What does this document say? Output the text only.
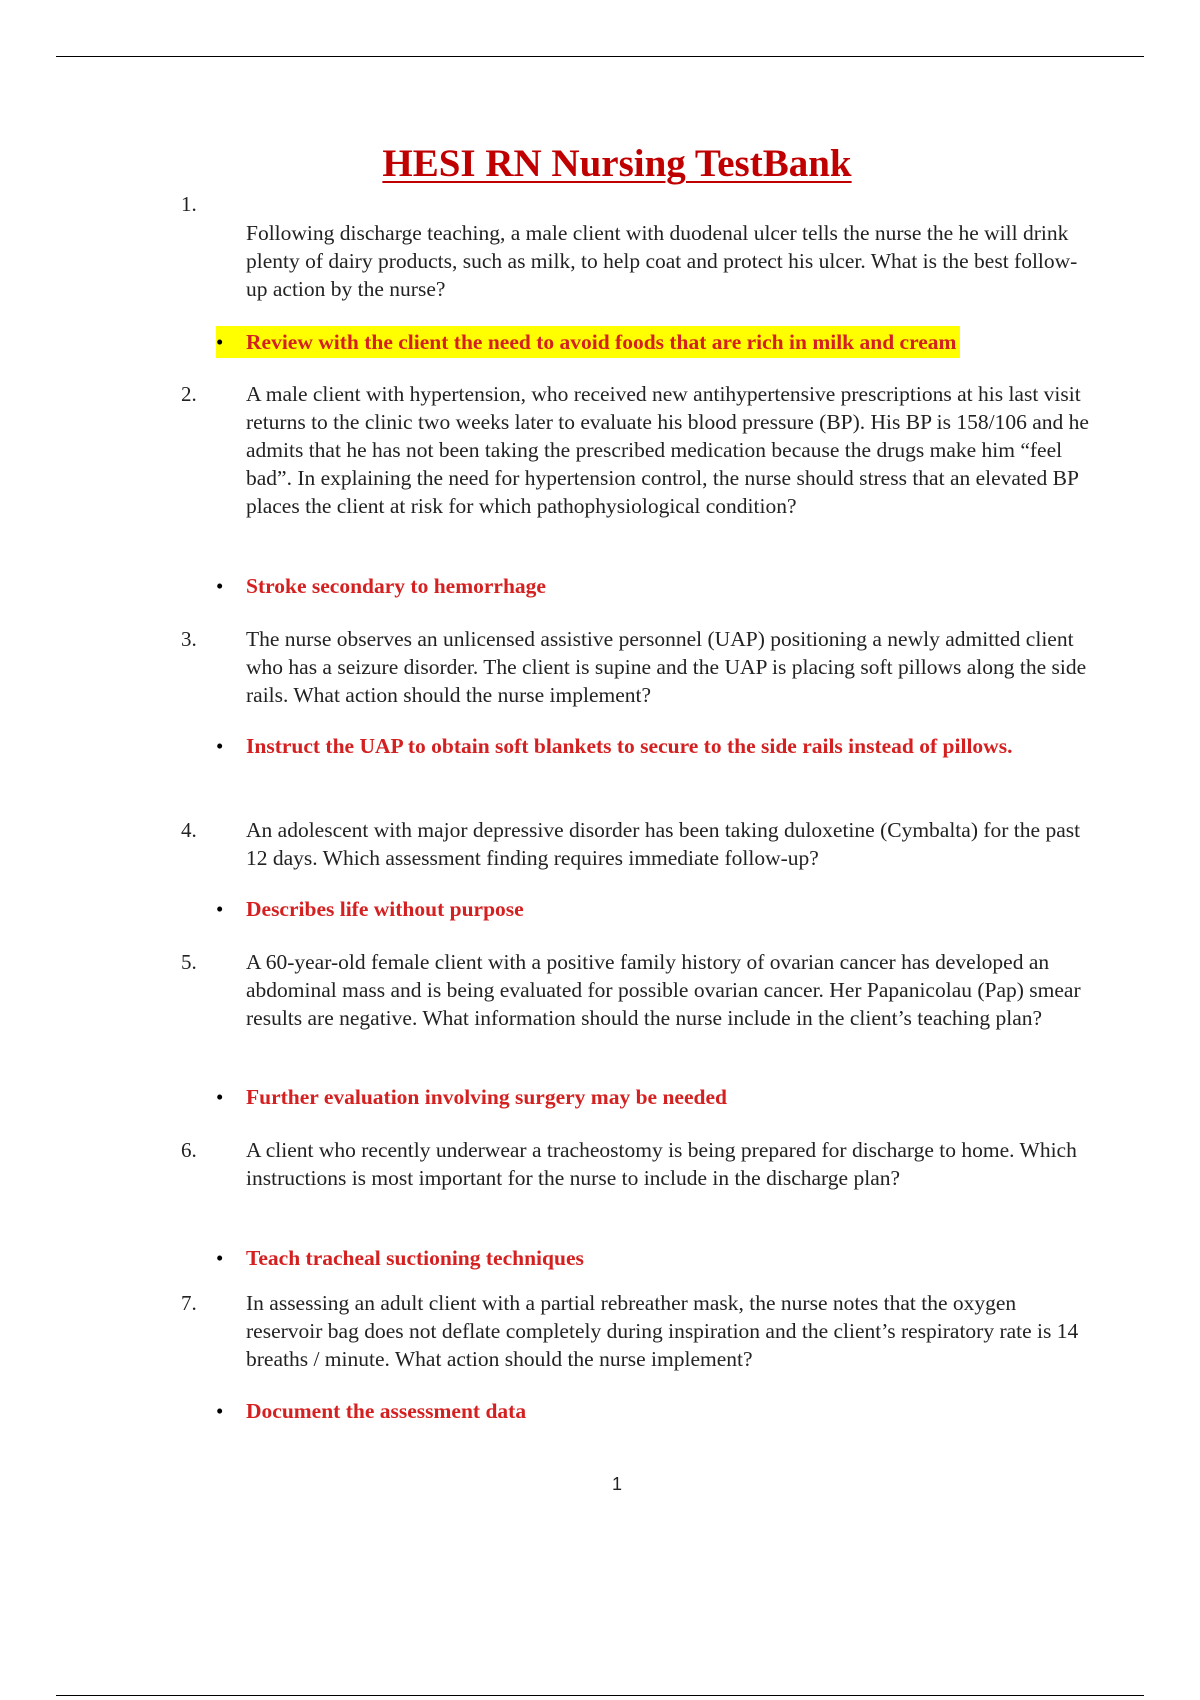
HESI RN Nursing TestBank
1.
Following discharge teaching, a male client with duodenal ulcer tells the nurse the he will drink plenty of dairy products, such as milk, to help coat and protect his ulcer. What is the best follow-up action by the nurse?
•	Review with the client the need to avoid foods that are rich in milk and cream
2. A male client with hypertension, who received new antihypertensive prescriptions at his last visit returns to the clinic two weeks later to evaluate his blood pressure (BP). His BP is 158/106 and he admits that he has not been taking the prescribed medication because the drugs make him “feel bad”. In explaining the need for hypertension control, the nurse should stress that an elevated BP places the client at risk for which pathophysiological condition?
•	Stroke secondary to hemorrhage
3. The nurse observes an unlicensed assistive personnel (UAP) positioning a newly admitted client who has a seizure disorder. The client is supine and the UAP is placing soft pillows along the side rails. What action should the nurse implement?
•	Instruct the UAP to obtain soft blankets to secure to the side rails instead of pillows.
4. An adolescent with major depressive disorder has been taking duloxetine (Cymbalta) for the past 12 days. Which assessment finding requires immediate follow-up?
•	Describes life without purpose
5. A 60-year-old female client with a positive family history of ovarian cancer has developed an abdominal mass and is being evaluated for possible ovarian cancer. Her Papanicolau (Pap) smear results are negative. What information should the nurse include in the client’s teaching plan?
•	Further evaluation involving surgery may be needed
6. A client who recently underwear a tracheostomy is being prepared for discharge to home. Which instructions is most important for the nurse to include in the discharge plan?
•	Teach tracheal suctioning techniques
7. In assessing an adult client with a partial rebreather mask, the nurse notes that the oxygen reservoir bag does not deflate completely during inspiration and the client’s respiratory rate is 14 breaths / minute. What action should the nurse implement?
•	Document the assessment data
1
